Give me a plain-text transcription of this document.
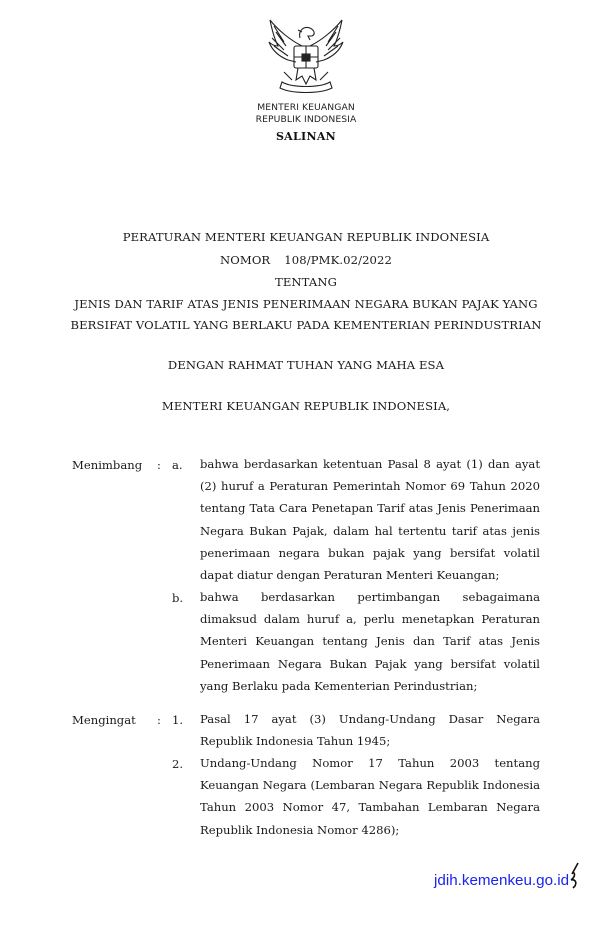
MENTERI KEUANGAN
REPUBLIK INDONESIA
SALINAN
PERATURAN MENTERI KEUANGAN REPUBLIK INDONESIA
NOMOR 108/PMK.02/2022
TENTANG
JENIS DAN TARIF ATAS JENIS PENERIMAAN NEGARA BUKAN PAJAK YANG
BERSIFAT VOLATIL YANG BERLAKU PADA KEMENTERIAN PERINDUSTRIAN
DENGAN RAHMAT TUHAN YANG MAHA ESA
MENTERI KEUANGAN REPUBLIK INDONESIA,
Menimbang : a. bahwa berdasarkan ketentuan Pasal 8 ayat (1) dan ayat (2) huruf a Peraturan Pemerintah Nomor 69 Tahun 2020 tentang Tata Cara Penetapan Tarif atas Jenis Penerimaan Negara Bukan Pajak, dalam hal tertentu tarif atas jenis penerimaan negara bukan pajak yang bersifat volatil dapat diatur dengan Peraturan Menteri Keuangan;
b. bahwa berdasarkan pertimbangan sebagaimana dimaksud dalam huruf a, perlu menetapkan Peraturan Menteri Keuangan tentang Jenis dan Tarif atas Jenis Penerimaan Negara Bukan Pajak yang bersifat volatil yang Berlaku pada Kementerian Perindustrian;
Mengingat : 1. Pasal 17 ayat (3) Undang-Undang Dasar Negara Republik Indonesia Tahun 1945;
2. Undang-Undang Nomor 17 Tahun 2003 tentang Keuangan Negara (Lembaran Negara Republik Indonesia Tahun 2003 Nomor 47, Tambahan Lembaran Negara Republik Indonesia Nomor 4286);
jdih.kemenkeu.go.id
